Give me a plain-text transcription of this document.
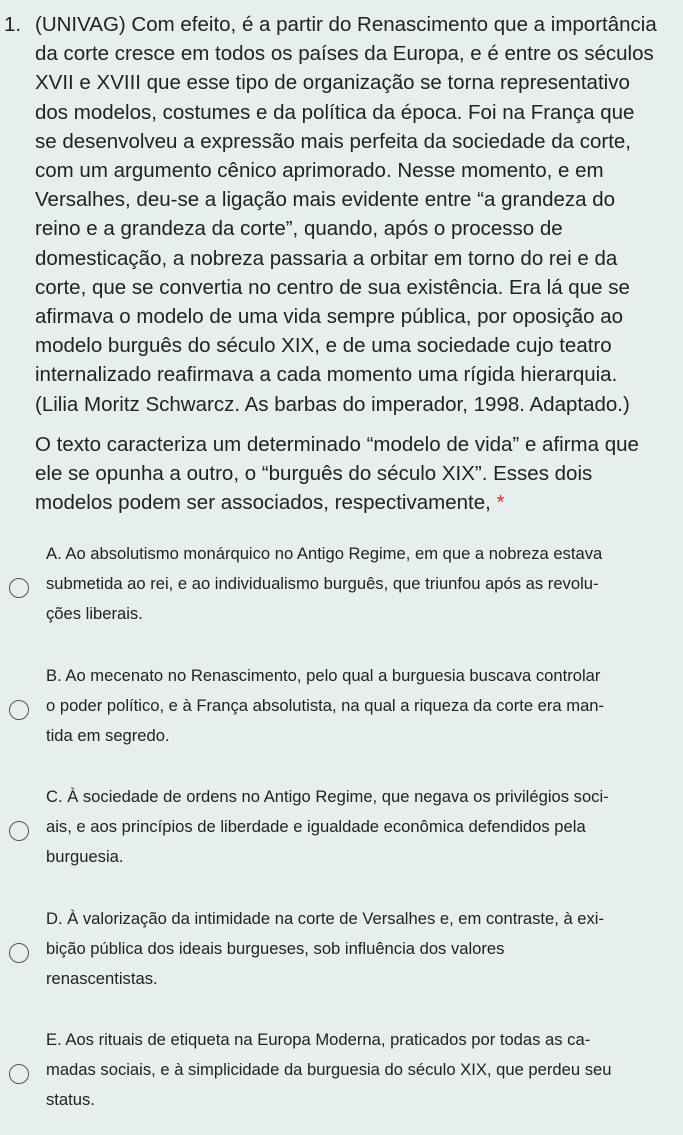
1. (UNIVAG) Com efeito, é a partir do Renascimento que a importância

da corte cresce em todos os países da Europa, e é entre os séculos

XVII e XVIII que esse tipo de organização se torna representativo

dos modelos, costumes e da política da época. Foi na França que

se desenvolveu a expressão mais perfeita da sociedade da corte,

com um argumento cênico aprimorado. Nesse momento, e em

Versalhes, deu-se a ligação mais evidente entre “a grandeza do

reino e a grandeza da corte”, quando, após o processo de

domesticação, a nobreza passaria a orbitar em torno do rei e da

corte, que se convertia no centro de sua existência. Era lá que se

afirmava o modelo de uma vida sempre pública, por oposição ao

modelo burguês do século XIX, e de uma sociedade cujo teatro

internalizado reafirmava a cada momento uma rígida hierarquia.

(Lilia Moritz Schwarcz. As barbas do imperador, 1998. Adaptado.)

O texto caracteriza um determinado “modelo de vida” e afirma que

ele se opunha a outro, o “burguês do século XIX”. Esses dois

modelos podem ser associados, respectivamente, *

A. Ao absolutismo monárquico no Antigo Regime, em que a nobreza estava
submetida ao rei, e ao individualismo burguês, que triunfou após as revolu-
ções liberais.
B. Ao mecenato no Renascimento, pelo qual a burguesia buscava controlar
o poder político, e à França absolutista, na qual a riqueza da corte era man-
tida em segredo.
C. À sociedade de ordens no Antigo Regime, que negava os privilégios soci-
ais, e aos princípios de liberdade e igualdade econômica defendidos pela
burguesia.
D. À valorização da intimidade na corte de Versalhes e, em contraste, à exi-
bição pública dos ideais burgueses, sob influência dos valores
renascentistas.
E. Aos rituais de etiqueta na Europa Moderna, praticados por todas as ca-
madas sociais, e à simplicidade da burguesia do século XIX, que perdeu seu
status.
